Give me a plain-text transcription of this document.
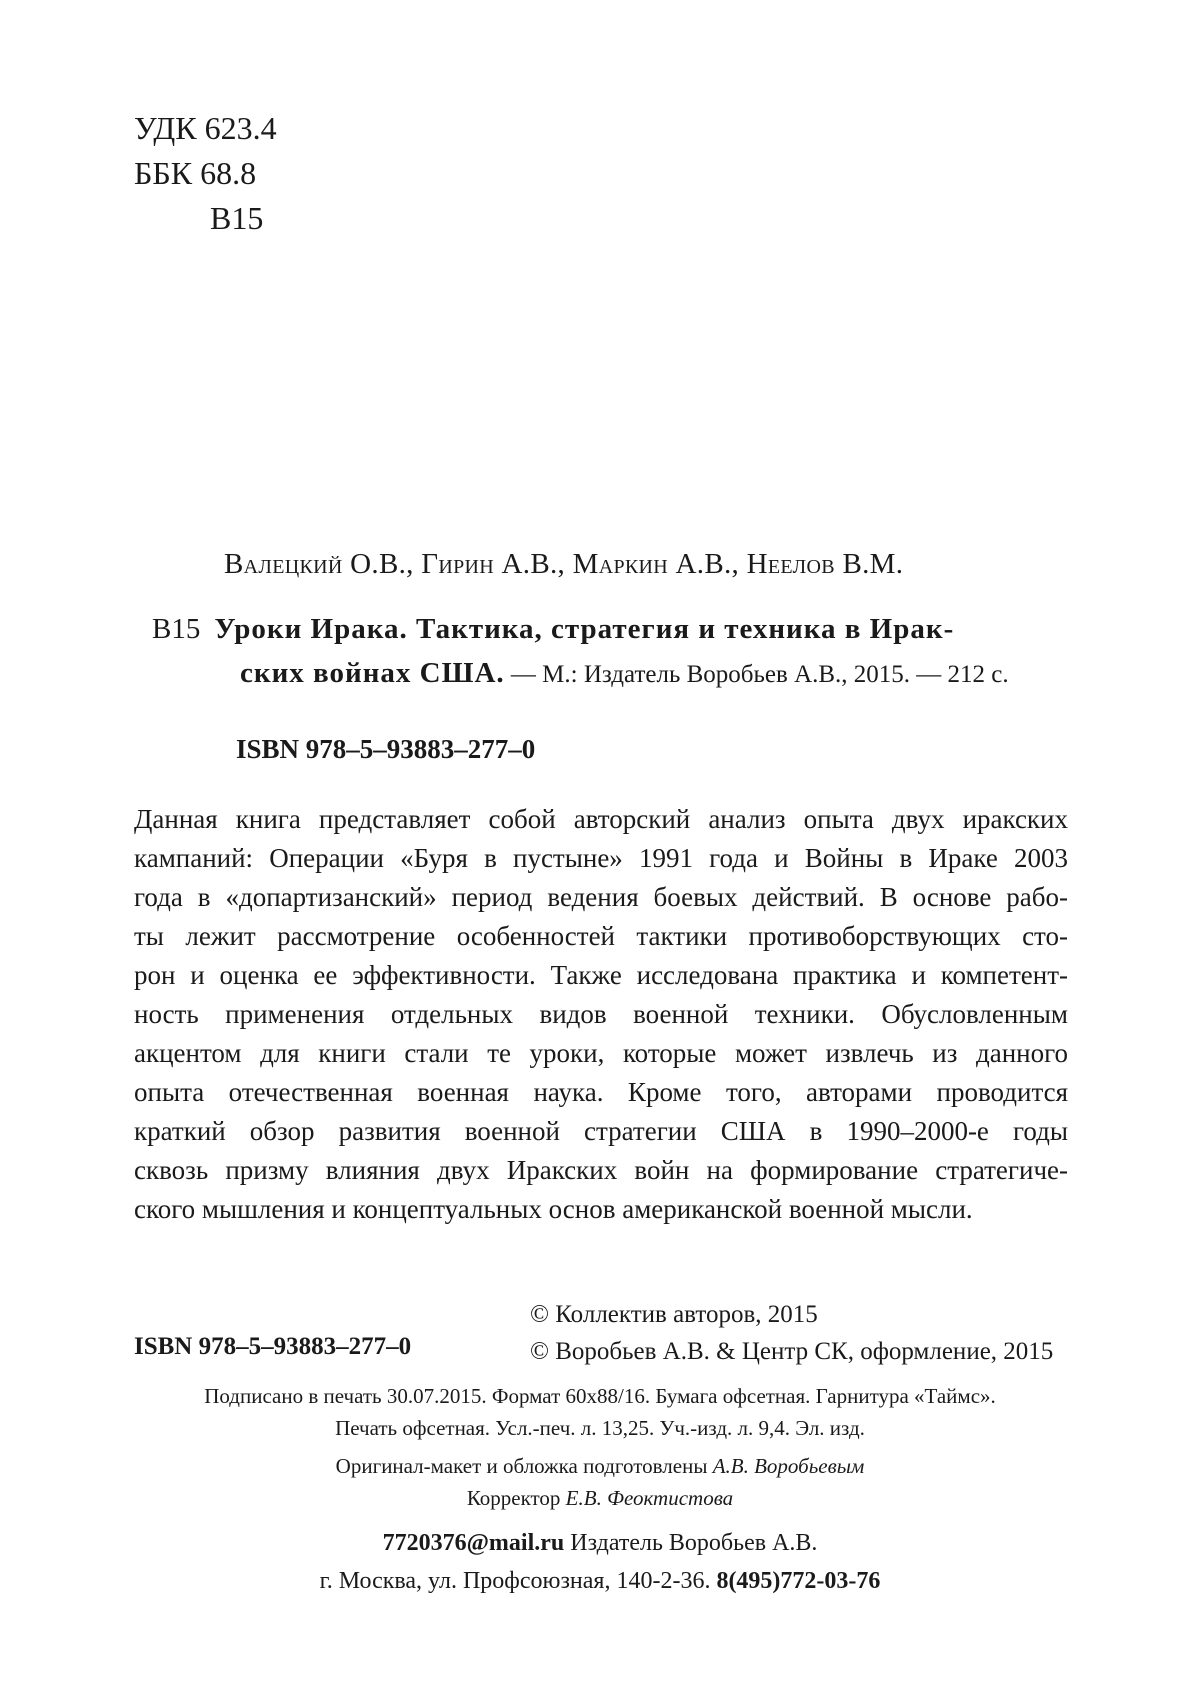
УДК 623.4
ББК 68.8
В15
Валецкий О.В., Гирин А.В., Маркин А.В., Неелов В.М.
В15 Уроки Ирака. Тактика, стратегия и техника в Ирак-
ских войнах США. — М.: Издатель Воробьев А.В., 2015. — 212 с.
ISBN 978–5–93883–277–0
Данная книга представляет собой авторский анализ опыта двух иракских
кампаний: Операции «Буря в пустыне» 1991 года и Войны в Ираке 2003
года в «допартизанский» период ведения боевых действий. В основе рабо-
ты лежит рассмотрение особенностей тактики противоборствующих сто-
рон и оценка ее эффективности. Также исследована практика и компетент-
ность применения отдельных видов военной техники. Обусловленным
акцентом для книги стали те уроки, которые может извлечь из данного
опыта отечественная военная наука. Кроме того, авторами проводится
краткий обзор развития военной стратегии США в 1990–2000-е годы
сквозь призму влияния двух Иракских войн на формирование стратегиче-
ского мышления и концептуальных основ американской военной мысли.
© Коллектив авторов, 2015
© Воробьев А.В. & Центр СК, оформление, 2015
ISBN 978–5–93883–277–0
Подписано в печать 30.07.2015. Формат 60х88/16. Бумага офсетная. Гарнитура «Таймс».
Печать офсетная. Усл.-печ. л. 13,25. Уч.-изд. л. 9,4. Эл. изд.
Оригинал-макет и обложка подготовлены А.В. Воробьевым
Корректор Е.В. Феоктистова
7720376@mail.ru Издатель Воробьев А.В.
г. Москва, ул. Профсоюзная, 140-2-36. 8(495)772-03-76
